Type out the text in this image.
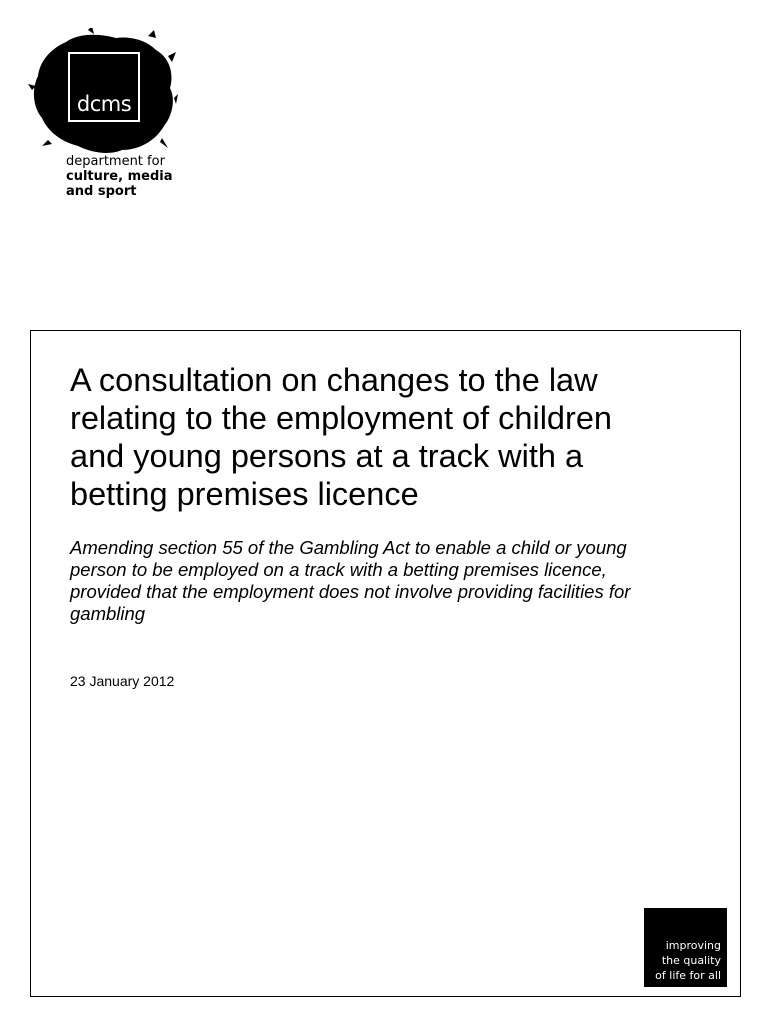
dcms
department for
culture, media
and sport
A consultation on changes to the law
relating to the employment of children
and young persons at a track with a
betting premises licence

Amending section 55 of the Gambling Act to enable a child or young
person to be employed on a track with a betting premises licence,
provided that the employment does not involve providing facilities for
gambling

23 January 2012

improving
the quality
of life for all
